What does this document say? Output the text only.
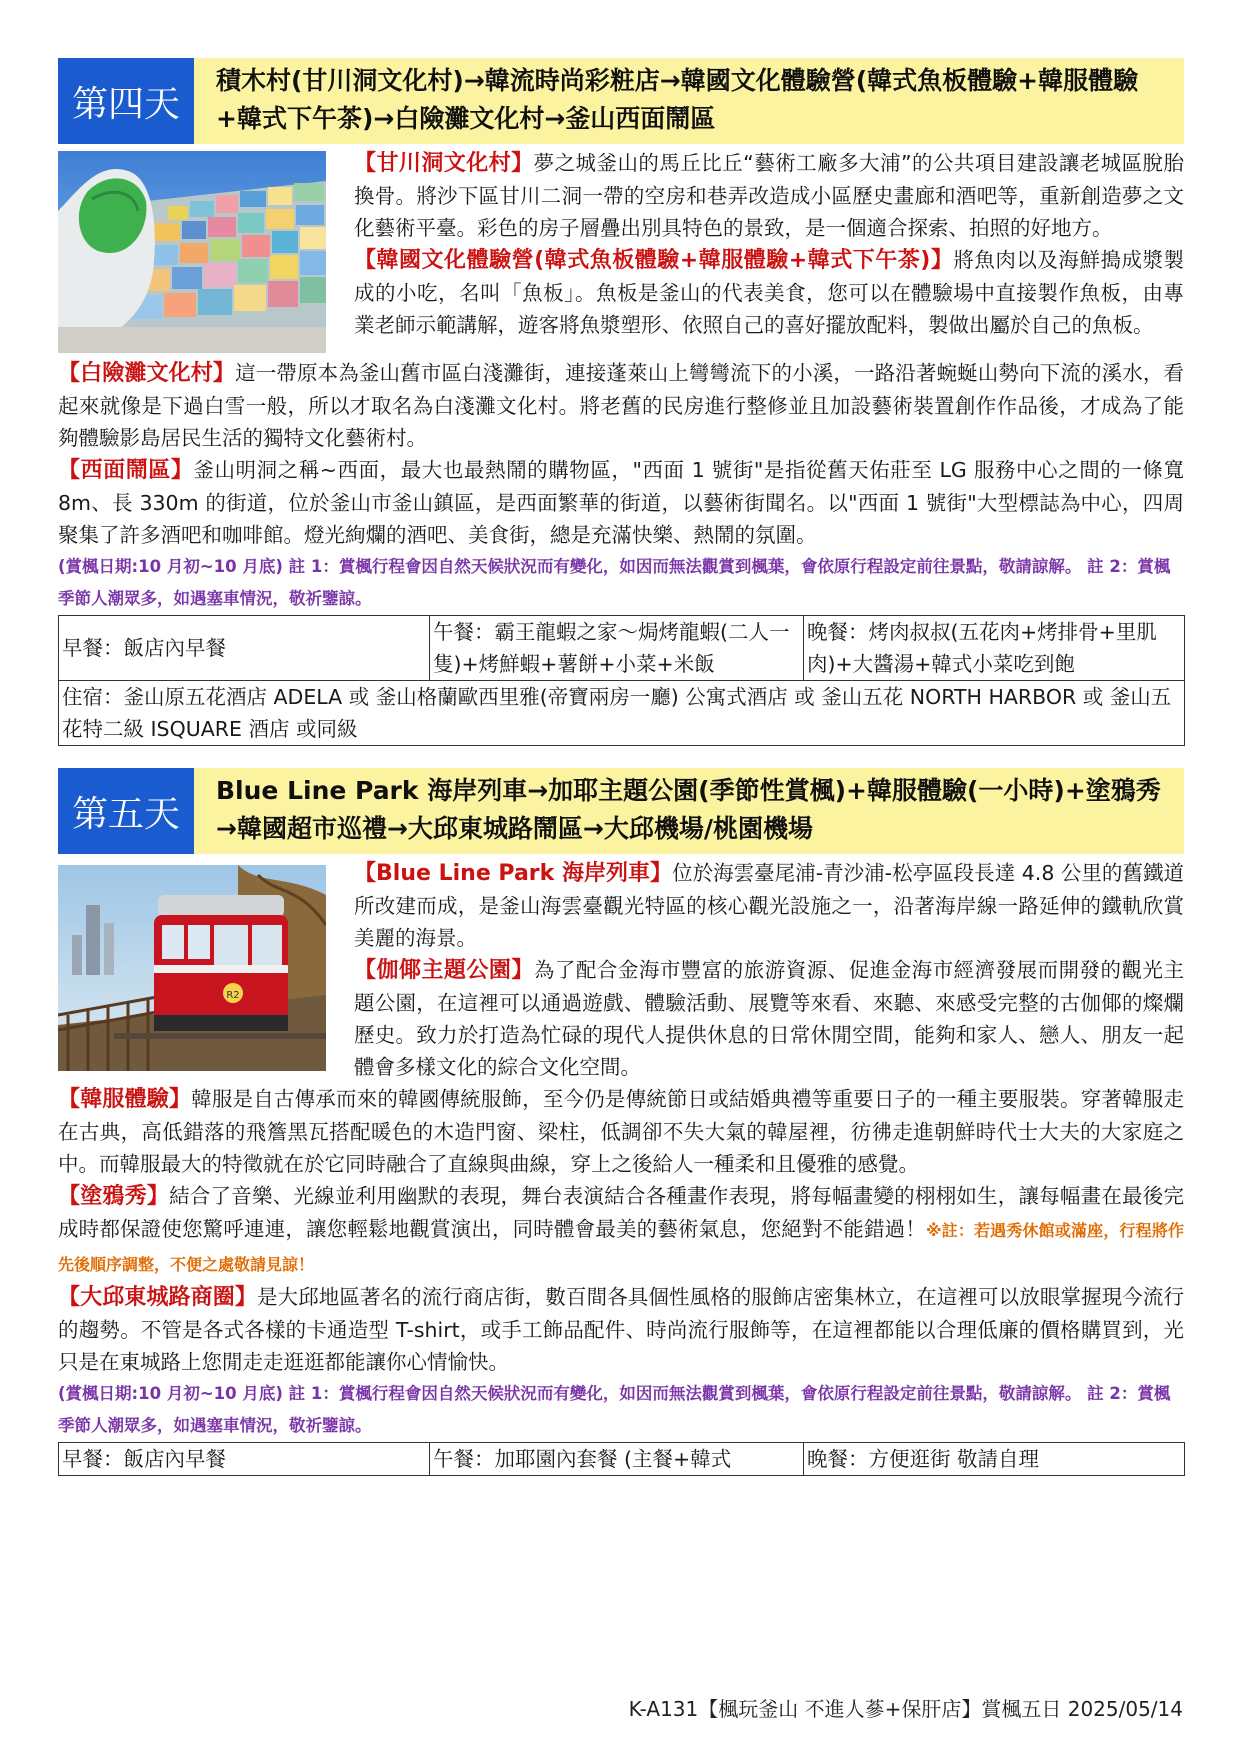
第四天
積木村(甘川洞文化村)→韓流時尚彩粧店→韓國文化體驗營(韓式魚板體驗+韓服體驗+韓式下午茶)→白險灘文化村→釜山西面鬧區

【甘川洞文化村】夢之城釜山的馬丘比丘“藝術工廠多大浦”的公共項目建設讓老城區脫胎換骨。將沙下區甘川二洞一帶的空房和巷弄改造成小區歷史畫廊和酒吧等，重新創造夢之文化藝術平臺。彩色的房子層疊出別具特色的景致，是一個適合探索、拍照的好地方。

【韓國文化體驗營(韓式魚板體驗+韓服體驗+韓式下午茶)】將魚肉以及海鮮搗成漿製成的小吃，名叫「魚板」。魚板是釜山的代表美食，您可以在體驗場中直接製作魚板，由專業老師示範講解，遊客將魚漿塑形、依照自己的喜好擺放配料，製做出屬於自己的魚板。

【白險灘文化村】這一帶原本為釜山舊市區白淺灘街，連接蓬萊山上彎彎流下的小溪，一路沿著蜿蜒山勢向下流的溪水，看起來就像是下過白雪一般，所以才取名為白淺灘文化村。將老舊的民房進行整修並且加設藝術裝置創作作品後，才成為了能夠體驗影島居民生活的獨特文化藝術村。

【西面鬧區】釜山明洞之稱~西面，最大也最熱鬧的購物區，"西面 1 號街"是指從舊天佑莊至 LG 服務中心之間的一條寬 8m、長 330m 的街道，位於釜山市釜山鎮區，是西面繁華的街道，以藝術街聞名。以"西面 1 號街"大型標誌為中心，四周聚集了許多酒吧和咖啡館。燈光絢爛的酒吧、美食街，總是充滿快樂、熱鬧的氛圍。

(賞楓日期:10 月初~10 月底) 註 1：賞楓行程會因自然天候狀況而有變化，如因而無法觀賞到楓葉，會依原行程設定前往景點，敬請諒解。 註 2：賞楓季節人潮眾多，如遇塞車情況，敬祈鑒諒。

早餐：飯店內早餐	午餐：霸王龍蝦之家～焗烤龍蝦(二人一隻)+烤鮮蝦+薯餅+小菜+米飯	晚餐：烤肉叔叔(五花肉+烤排骨+里肌肉)+大醬湯+韓式小菜吃到飽
住宿：釜山原五花酒店 ADELA 或 釜山格蘭歐西里雅(帝寶兩房一廳) 公寓式酒店 或 釜山五花 NORTH HARBOR 或 釜山五花特二級 ISQUARE 酒店 或同級
第五天
Blue Line Park 海岸列車→加耶主題公園(季節性賞楓)+韓服體驗(一小時)+塗鴉秀→韓國超市巡禮→大邱東城路鬧區→大邱機場/桃園機場
R2

【Blue Line Park 海岸列車】位於海雲臺尾浦-青沙浦-松亭區段長達 4.8 公里的舊鐵道所改建而成，是釜山海雲臺觀光特區的核心觀光設施之一，沿著海岸線一路延伸的鐵軌欣賞美麗的海景。

【伽倻主題公園】為了配合金海市豐富的旅游資源、促進金海市經濟發展而開發的觀光主題公園，在這裡可以通過遊戲、體驗活動、展覽等來看、來聽、來感受完整的古伽倻的燦爛歷史。致力於打造為忙碌的現代人提供休息的日常休閒空間，能夠和家人、戀人、朋友一起體會多樣文化的綜合文化空間。

【韓服體驗】韓服是自古傳承而來的韓國傳統服飾，至今仍是傳統節日或結婚典禮等重要日子的一種主要服裝。穿著韓服走在古典，高低錯落的飛簷黑瓦搭配暖色的木造門窗、梁柱，低調卻不失大氣的韓屋裡，彷彿走進朝鮮時代士大夫的大家庭之中。而韓服最大的特徵就在於它同時融合了直線與曲線，穿上之後給人一種柔和且優雅的感覺。

【塗鴉秀】結合了音樂、光線並利用幽默的表現，舞台表演結合各種畫作表現，將每幅畫變的栩栩如生，讓每幅畫在最後完成時都保證使您驚呼連連，讓您輕鬆地觀賞演出，同時體會最美的藝術氣息，您絕對不能錯過！※註：若遇秀休館或滿座，行程將作先後順序調整，不便之處敬請見諒！

【大邱東城路商圈】是大邱地區著名的流行商店街，數百間各具個性風格的服飾店密集林立，在這裡可以放眼掌握現今流行的趨勢。不管是各式各樣的卡通造型 T-shirt，或手工飾品配件、時尚流行服飾等，在這裡都能以合理低廉的價格購買到，光只是在東城路上您閒走走逛逛都能讓你心情愉快。

(賞楓日期:10 月初~10 月底) 註 1：賞楓行程會因自然天候狀況而有變化，如因而無法觀賞到楓葉，會依原行程設定前往景點，敬請諒解。 註 2：賞楓季節人潮眾多，如遇塞車情況，敬祈鑒諒。

早餐：飯店內早餐	午餐：加耶園內套餐 (主餐+韓式	晚餐：方便逛街 敬請自理
K-A131【楓玩釜山 不進人蔘+保肝店】賞楓五日 2025/05/14
